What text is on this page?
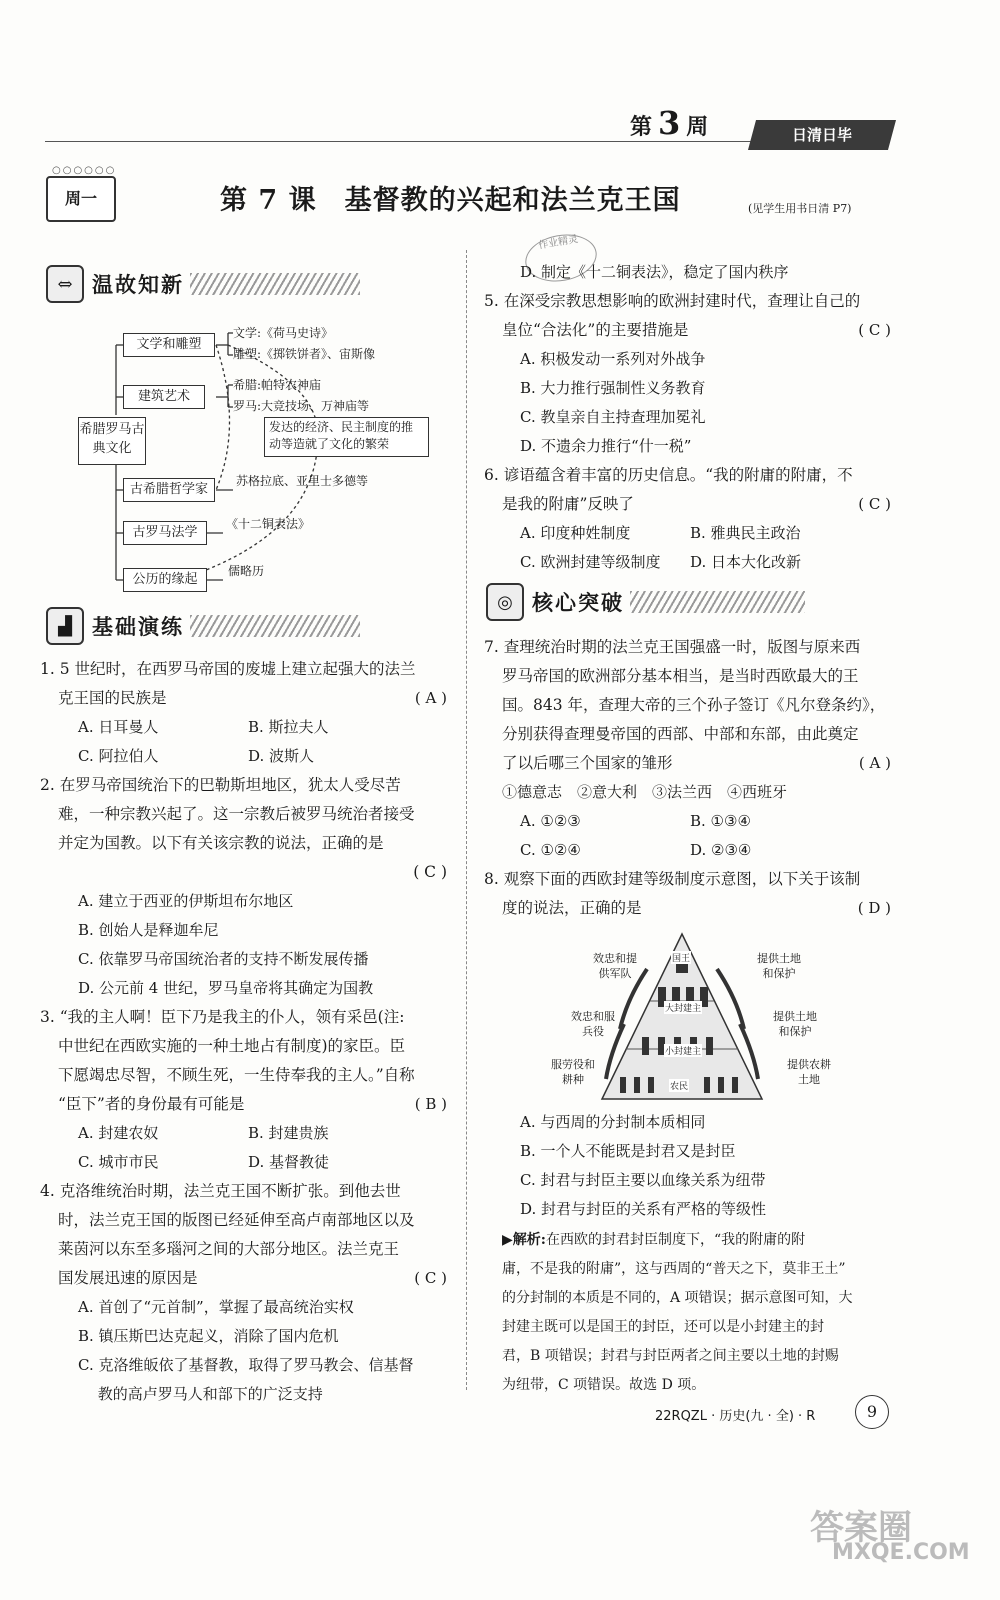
第 3 周	日清日毕
○○○○○○
周一	第 7 课　基督教的兴起和法兰克王国	(见学生用书日清 P7)
⇔ 温故知新
希腊罗马古典文化
文学和雕塑
文学:《荷马史诗》
雕塑:《掷铁饼者》、宙斯像
建筑艺术
希腊:帕特农神庙
罗马:大竞技场、万神庙等
发达的经济、民主制度的推动等造就了文化的繁荣
古希腊哲学家
苏格拉底、亚里士多德等
古罗马法学
《十二铜表法》
公历的缘起
儒略历
▟ 基础演练
1. 5 世纪时，在西罗马帝国的废墟上建立起强大的法兰
克王国的民族是	( A )
A. 日耳曼人	B. 斯拉夫人
C. 阿拉伯人	D. 波斯人
2. 在罗马帝国统治下的巴勒斯坦地区，犹太人受尽苦
难，一种宗教兴起了。这一宗教后被罗马统治者接受
并定为国教。以下有关该宗教的说法，正确的是
( C )
A. 建立于西亚的伊斯坦布尔地区
B. 创始人是释迦牟尼
C. 依靠罗马帝国统治者的支持不断发展传播
D. 公元前 4 世纪，罗马皇帝将其确定为国教
3. “我的主人啊！臣下乃是我主的仆人，领有采邑(注:
中世纪在西欧实施的一种土地占有制度)的家臣。臣
下愿竭忠尽智，不顾生死，一生侍奉我的主人。”自称
“臣下”者的身份最有可能是	( B )
A. 封建农奴	B. 封建贵族
C. 城市市民	D. 基督教徒
4. 克洛维统治时期，法兰克王国不断扩张。到他去世
时，法兰克王国的版图已经延伸至高卢南部地区以及
莱茵河以东至多瑙河之间的大部分地区。法兰克王
国发展迅速的原因是	( C )
A. 首创了“元首制”，掌握了最高统治实权
B. 镇压斯巴达克起义，消除了国内危机
C. 克洛维皈依了基督教，取得了罗马教会、信基督
　 教的高卢罗马人和部下的广泛支持
作业精灵
D. 制定《十二铜表法》，稳定了国内秩序
5. 在深受宗教思想影响的欧洲封建时代，查理让自己的
皇位“合法化”的主要措施是	( C )
A. 积极发动一系列对外战争
B. 大力推行强制性义务教育
C. 教皇亲自主持查理加冕礼
D. 不遗余力推行“什一税”
6. 谚语蕴含着丰富的历史信息。“我的附庸的附庸，不
是我的附庸”反映了	( C )
A. 印度种姓制度	B. 雅典民主政治
C. 欧洲封建等级制度	D. 日本大化改新
◎ 核心突破
7. 查理统治时期的法兰克王国强盛一时，版图与原来西
罗马帝国的欧洲部分基本相当，是当时西欧最大的王
国。843 年，查理大帝的三个孙子签订《凡尔登条约》，
分别获得查理曼帝国的西部、中部和东部，由此奠定
了以后哪三个国家的雏形	( A )
①德意志　②意大利　③法兰西　④西班牙
A. ①②③	B. ①③④
C. ①②④	D. ②③④
8. 观察下面的西欧封建等级制度示意图，以下关于该制
度的说法，正确的是	( D )
国王
大封建主
小封建主
农民
效忠和提供军队
效忠和服兵役
服劳役和耕种
提供土地和保护
提供土地和保护
提供农耕土地
A. 与西周的分封制本质相同
B. 一个人不能既是封君又是封臣
C. 封君与封臣主要以血缘关系为纽带
D. 封君与封臣的关系有严格的等级性
▶解析:在西欧的封君封臣制度下，“我的附庸的附
庸，不是我的附庸”，这与西周的“普天之下，莫非王土”
的分封制的本质是不同的，A 项错误；据示意图可知，大
封建主既可以是国王的封臣，还可以是小封建主的封
君，B 项错误；封君与封臣两者之间主要以土地的封赐
为纽带，C 项错误。故选 D 项。
22RQZL · 历史(九 · 全) · R	9
答案圈
MXQE.COM
